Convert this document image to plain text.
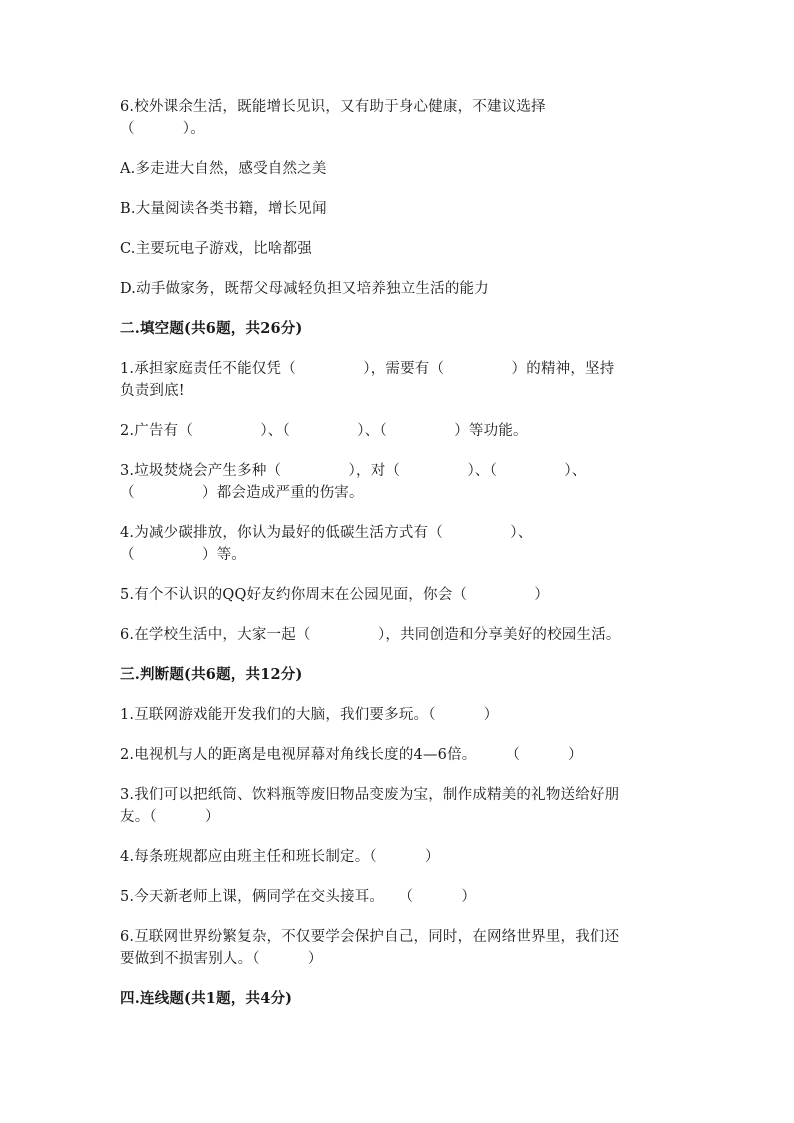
6.校外课余生活，既能增长见识，又有助于身心健康，不建议选择
（          ）。
A.多走进大自然，感受自然之美
B.大量阅读各类书籍，增长见闻
C.主要玩电子游戏，比啥都强
D.动手做家务，既帮父母减轻负担又培养独立生活的能力
二.填空题(共6题，共26分)
1.承担家庭责任不能仅凭（              ），需要有（              ）的精神，坚持
负责到底!
2.广告有（              ）、（              ）、（              ）等功能。
3.垃圾焚烧会产生多种（              ），对（              ）、（              ）、
（              ）都会造成严重的伤害。
4.为减少碳排放，你认为最好的低碳生活方式有（              ）、
（              ）等。
5.有个不认识的QQ好友约你周末在公园见面，你会（              ）
6.在学校生活中，大家一起（              ），共同创造和分享美好的校园生活。
三.判断题(共6题，共12分)
1.互联网游戏能开发我们的大脑，我们要多玩。（          ）
2.电视机与人的距离是电视屏幕对角线长度的4—6倍。      （          ）
3.我们可以把纸筒、饮料瓶等废旧物品变废为宝，制作成精美的礼物送给好朋
友。（          ）
4.每条班规都应由班主任和班长制定。（          ）
5.今天新老师上课，俩同学在交头接耳。   （          ）
6.互联网世界纷繁复杂，不仅要学会保护自己，同时，在网络世界里，我们还
要做到不损害别人。（          ）
四.连线题(共1题，共4分)
